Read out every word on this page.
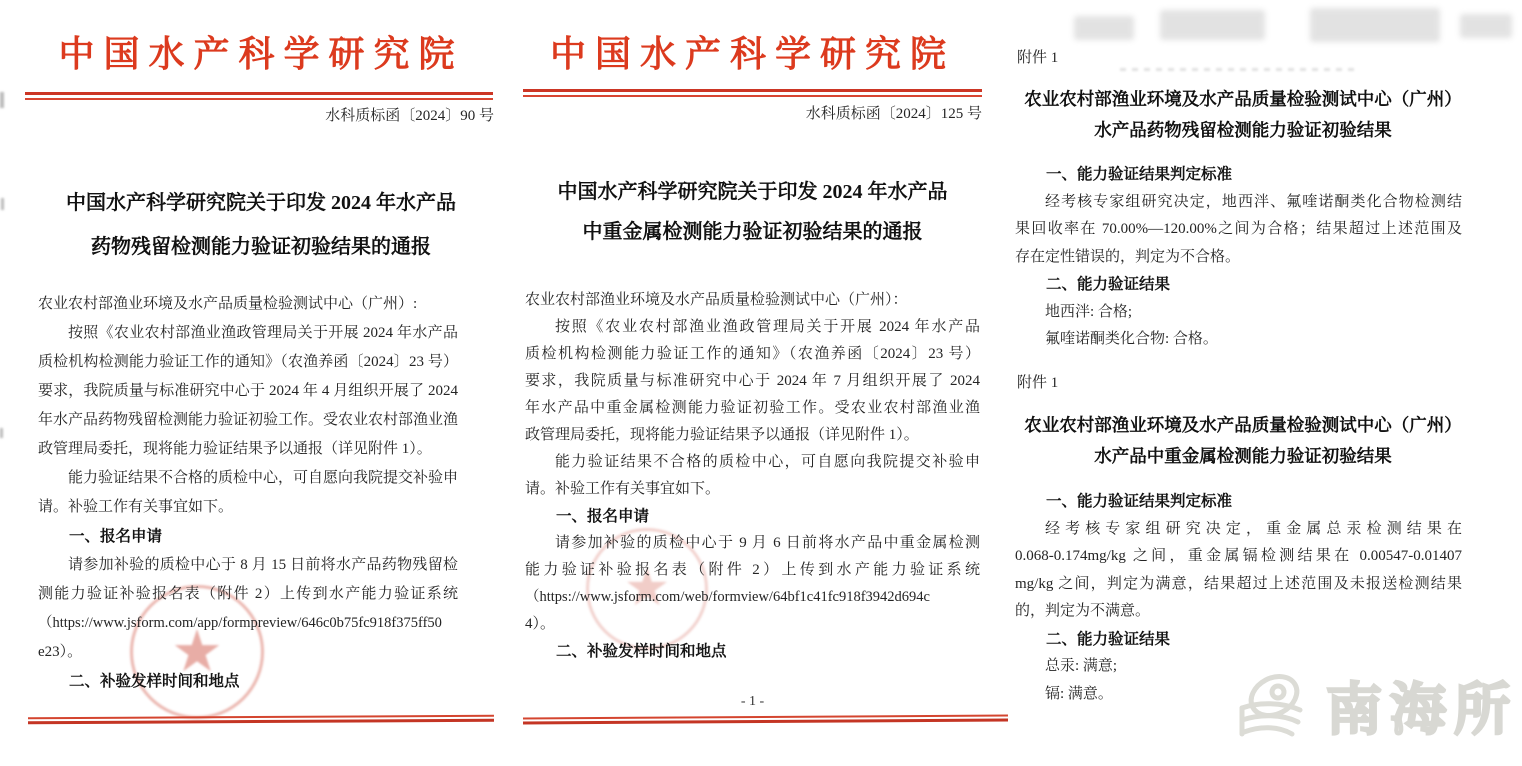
中国水产科学研究院
水科质标函〔2024〕90 号
中国水产科学研究院关于印发 2024 年水产品
药物残留检测能力验证初验结果的通报
★
农业农村部渔业环境及水产品质量检验测试中心（广州）:
按照《农业农村部渔业渔政管理局关于开展 2024 年水产品
质检机构检测能力验证工作的通知》（农渔养函〔2024〕23 号）
要求，我院质量与标准研究中心于 2024 年 4 月组织开展了 2024
年水产品药物残留检测能力验证初验工作。受农业农村部渔业渔
政管理局委托，现将能力验证结果予以通报（详见附件 1）。
能力验证结果不合格的质检中心，可自愿向我院提交补验申
请。补验工作有关事宜如下。
一、报名申请
请参加补验的质检中心于 8 月 15 日前将水产品药物残留检
测能力验证补验报名表（附件 2）上传到水产能力验证系统
（https://www.jsform.com/app/formpreview/646c0b75fc918f375ff50
e23）。
二、补验发样时间和地点
中国水产科学研究院
水科质标函〔2024〕125 号
中国水产科学研究院关于印发 2024 年水产品
中重金属检测能力验证初验结果的通报
★
农业农村部渔业环境及水产品质量检验测试中心（广州）：
按照《农业农村部渔业渔政管理局关于开展 2024 年水产品
质检机构检测能力验证工作的通知》（农渔养函〔2024〕23 号）
要求，我院质量与标准研究中心于 2024 年 7 月组织开展了 2024
年水产品中重金属检测能力验证初验工作。受农业农村部渔业渔
政管理局委托，现将能力验证结果予以通报（详见附件 1）。
能力验证结果不合格的质检中心，可自愿向我院提交补验申
请。补验工作有关事宜如下。
一、报名申请
请参加补验的质检中心于 9 月 6 日前将水产品中重金属检测
能力验证补验报名表（附件 2）上传到水产能力验证系统
（https://www.jsform.com/web/formview/64bf1c41fc918f3942d694c
4）。
二、补验发样时间和地点
- 1 -
附件 1
农业农村部渔业环境及水产品质量检验测试中心（广州）
水产品药物残留检测能力验证初验结果
一、能力验证结果判定标准
经考核专家组研究决定，地西泮、氟喹诺酮类化合物检测结
果回收率在 70.00%—120.00%之间为合格；结果超过上述范围及
存在定性错误的，判定为不合格。
二、能力验证结果
地西泮: 合格;
氟喹诺酮类化合物: 合格。
附件 1
农业农村部渔业环境及水产品质量检验测试中心（广州）
水产品中重金属检测能力验证初验结果
一、能力验证结果判定标准
经考核专家组研究决定，重金属总汞检测结果在
0.068-0.174mg/kg 之间，重金属镉检测结果在 0.00547-0.01407
mg/kg 之间，判定为满意，结果超过上述范围及未报送检测结果
的，判定为不满意。
二、能力验证结果
总汞: 满意;
镉: 满意。	南海所
